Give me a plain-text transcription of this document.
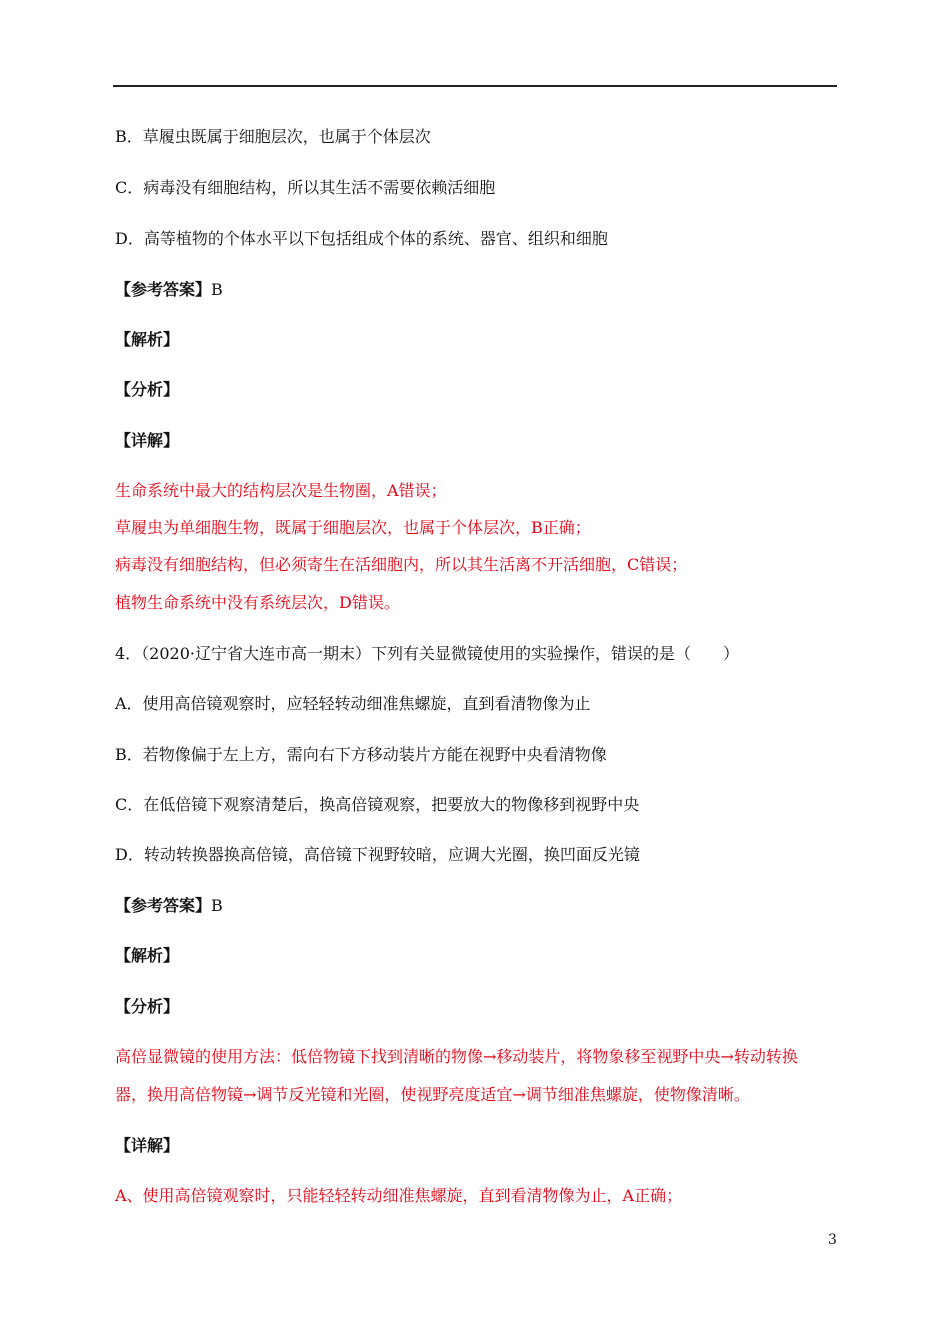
B．草履虫既属于细胞层次，也属于个体层次
C．病毒没有细胞结构，所以其生活不需要依赖活细胞
D．高等植物的个体水平以下包括组成个体的系统、器官、组织和细胞
【参考答案】B
【解析】
【分析】
【详解】
生命系统中最大的结构层次是生物圈，A错误；
草履虫为单细胞生物，既属于细胞层次，也属于个体层次，B正确；
病毒没有细胞结构，但必须寄生在活细胞内，所以其生活离不开活细胞，C错误；
植物生命系统中没有系统层次，D错误。
4．（2020·辽宁省大连市高一期末）下列有关显微镜使用的实验操作，错误的是（　　）
A．使用高倍镜观察时，应轻轻转动细准焦螺旋，直到看清物像为止
B．若物像偏于左上方，需向右下方移动装片方能在视野中央看清物像
C．在低倍镜下观察清楚后，换高倍镜观察，把要放大的物像移到视野中央
D．转动转换器换高倍镜，高倍镜下视野较暗，应调大光圈，换凹面反光镜
【参考答案】B
【解析】
【分析】
高倍显微镜的使用方法：低倍物镜下找到清晰的物像→移动装片，将物象移至视野中央→转动转换
器，换用高倍物镜→调节反光镜和光圈，使视野亮度适宜→调节细准焦螺旋，使物像清晰。
【详解】
A、使用高倍镜观察时，只能轻轻转动细准焦螺旋，直到看清物像为止，A正确；
3
